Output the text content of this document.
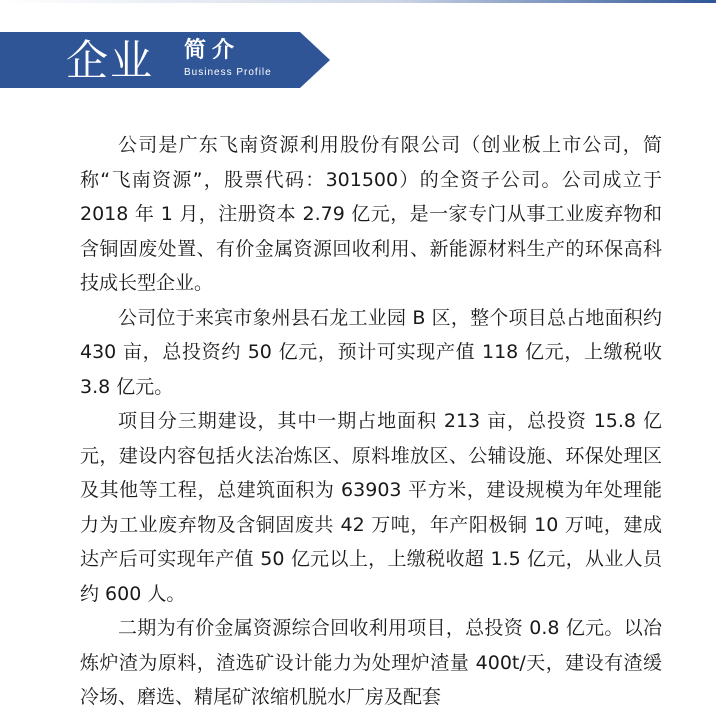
企业 简介
Business Profile

公司是广东飞南资源利用股份有限公司（创业板上市公司，简称“飞南资源”，股票代码：301500）的全资子公司。公司成立于 2018 年 1 月，注册资本 2.79 亿元，是一家专门从事工业废弃物和含铜固废处置、有价金属资源回收利用、新能源材料生产的环保高科技成长型企业。

公司位于来宾市象州县石龙工业园 B 区，整个项目总占地面积约 430 亩，总投资约 50 亿元，预计可实现产值 118 亿元，上缴税收 3.8 亿元。

项目分三期建设，其中一期占地面积 213 亩，总投资 15.8 亿元，建设内容包括火法冶炼区、原料堆放区、公辅设施、环保处理区及其他等工程，总建筑面积为 63903 平方米，建设规模为年处理能力为工业废弃物及含铜固废共 42 万吨，年产阳极铜 10 万吨，建成达产后可实现年产值 50 亿元以上，上缴税收超 1.5 亿元，从业人员约 600 人。

二期为有价金属资源综合回收利用项目，总投资 0.8 亿元。以冶炼炉渣为原料，渣选矿设计能力为处理炉渣量 400t/天，建设有渣缓冷场、磨选、精尾矿浓缩机脱水厂房及配套
